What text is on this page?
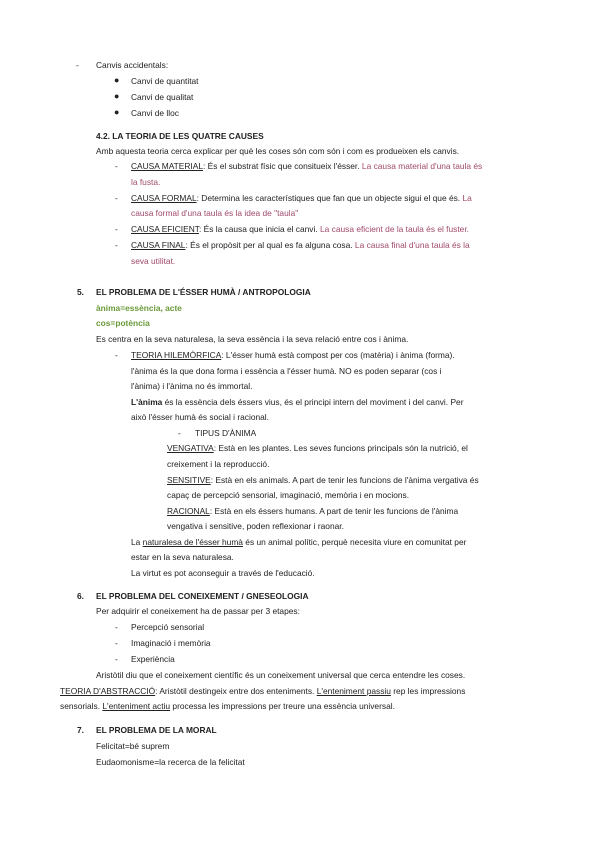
- Canvis accidentals:
● Canvi de quantitat
● Canvi de qualitat
● Canvi de lloc
4.2. LA TEORIA DE LES QUATRE CAUSES
Amb aquesta teoria cerca explicar per què les coses són com són i com es produeixen els canvis.
- CAUSA MATERIAL: És el substrat físic que consitueix l'ésser. La causa material d'una taula és
la fusta.
- CAUSA FORMAL: Determina les característiques que fan que un objecte sigui el que és. La
causa formal d'una taula és la idea de "taula"
- CAUSA EFICIENT: És la causa que inicia el canvi. La causa eficient de la taula és el fuster.
- CAUSA FINAL: És el propòsit per al qual es fa alguna cosa. La causa final d'una taula és la
seva utilitat.
5. EL PROBLEMA DE L'ÉSSER HUMÀ / ANTROPOLOGIA
ànima=essència, acte
cos=potència
Es centra en la seva naturalesa, la seva essència i la seva relació entre cos i ànima.
- TEORIA HILEMÒRFICA: L'ésser humà està compost per cos (matèria) i ànima (forma).
l'ànima és la que dona forma i essència a l'ésser humà. NO es poden separar (cos i
l'ànima) i l'ànima no és immortal.
L'ànima és la essència dels éssers vius, és el principi intern del moviment i del canvi. Per
això l'ésser humà és social i racional.
- TIPUS D'ÀNIMA
VENGATIVA: Està en les plantes. Les seves funcions principals són la nutrició, el
creixement i la reproducció.
SENSITIVE: Està en els animals. A part de tenir les funcions de l'ànima vergativa és
capaç de percepció sensorial, imaginació, memòria i en mocions.
RACIONAL: Està en els éssers humans. A part de tenir les funcions de l'ànima
vengativa i sensitive, poden reflexionar i raonar.
La naturalesa de l'ésser humà és un animal polític, perquè necesita viure en comunitat per
estar en la seva naturalesa.
La virtut es pot aconseguir a través de l'educació.
6. EL PROBLEMA DEL CONEIXEMENT / GNESEOLOGIA
Per adquirir el coneixement ha de passar per 3 etapes:
- Percepció sensorial
- Imaginació i memòria
- Experiència
Aristòtil diu que el coneixement científic és un coneixement universal que cerca entendre les coses.
TEORIA D'ABSTRACCIÓ: Aristòtil destingeix entre dos enteniments. L'enteniment passiu rep les impressions
sensorials. L'enteniment actiu processa les impressions per treure una essència universal.
7. EL PROBLEMA DE LA MORAL
Felicitat=bé suprem
Eudaomonisme=la recerca de la felicitat
